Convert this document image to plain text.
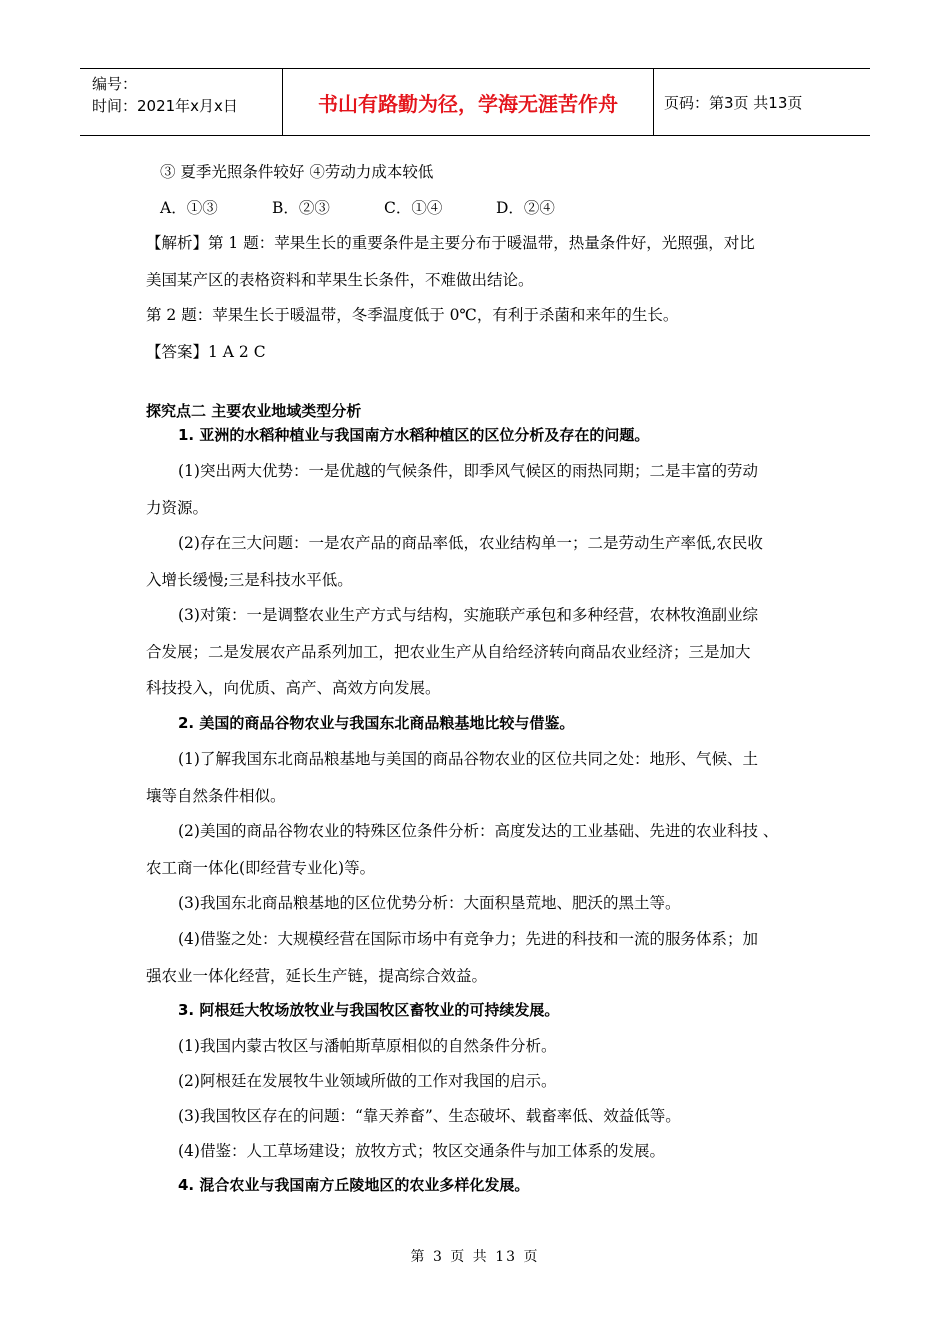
编号：
时间：2021年x月x日	书山有路勤为径，学海无涯苦作舟	页码：第3页 共13页
③ 夏季光照条件较好 ④劳动力成本较低
A．①③	B．②③	C．①④	D．②④
【解析】第 1 题：苹果生长的重要条件是主要分布于暖温带，热量条件好，光照强，对比
美国某产区的表格资料和苹果生长条件，不难做出结论。
第 2 题：苹果生长于暖温带，冬季温度低于 0℃，有利于杀菌和来年的生长。
【答案】1 A 2 C
探究点二 主要农业地域类型分析
1. 亚洲的水稻种植业与我国南方水稻种植区的区位分析及存在的问题。
(1)突出两大优势：一是优越的气候条件，即季风气候区的雨热同期；二是丰富的劳动
力资源。
(2)存在三大问题：一是农产品的商品率低，农业结构单一；二是劳动生产率低,农民收
入增长缓慢;三是科技水平低。
(3)对策：一是调整农业生产方式与结构，实施联产承包和多种经营，农林牧渔副业综
合发展；二是发展农产品系列加工，把农业生产从自给经济转向商品农业经济；三是加大
科技投入，向优质、高产、高效方向发展。
2. 美国的商品谷物农业与我国东北商品粮基地比较与借鉴。
(1)了解我国东北商品粮基地与美国的商品谷物农业的区位共同之处：地形、气候、土
壤等自然条件相似。
(2)美国的商品谷物农业的特殊区位条件分析：高度发达的工业基础、先进的农业科技 、
农工商一体化(即经营专业化)等。
(3)我国东北商品粮基地的区位优势分析：大面积垦荒地、肥沃的黑土等。
(4)借鉴之处：大规模经营在国际市场中有竞争力；先进的科技和一流的服务体系；加
强农业一体化经营，延长生产链，提高综合效益。
3. 阿根廷大牧场放牧业与我国牧区畜牧业的可持续发展。
(1)我国内蒙古牧区与潘帕斯草原相似的自然条件分析。
(2)阿根廷在发展牧牛业领域所做的工作对我国的启示。
(3)我国牧区存在的问题：“靠天养畜”、生态破坏、载畜率低、效益低等。
(4)借鉴：人工草场建设；放牧方式；牧区交通条件与加工体系的发展。
4. 混合农业与我国南方丘陵地区的农业多样化发展。
第 3 页 共 13 页
